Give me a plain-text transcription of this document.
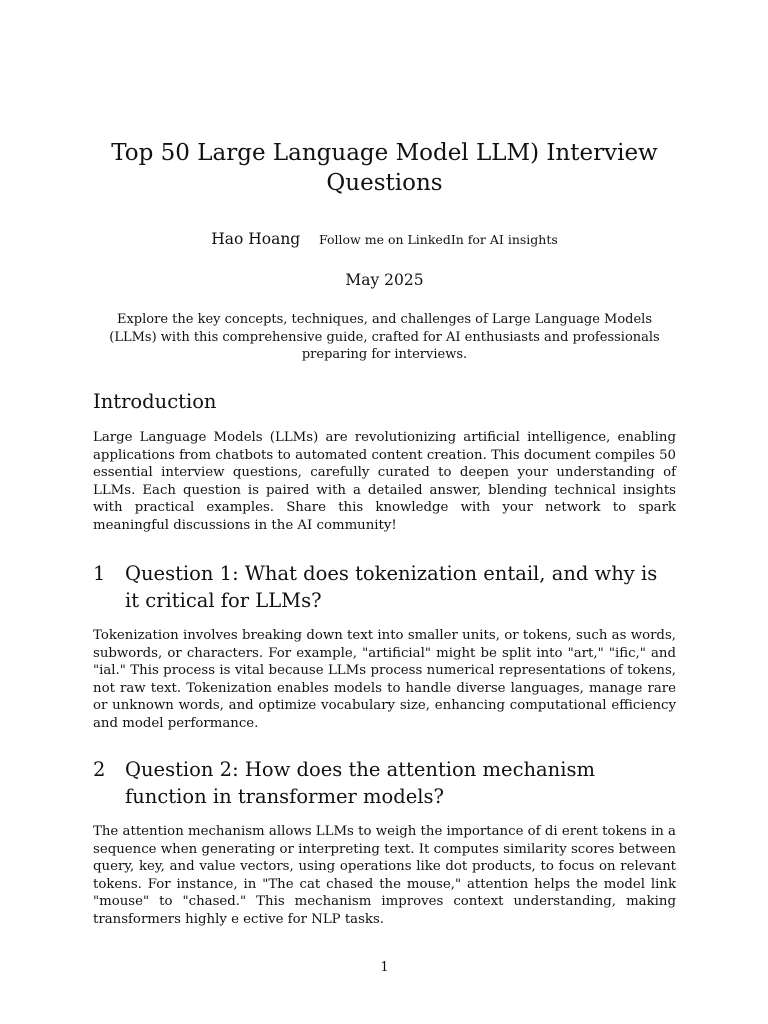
Top 50 Large Language Model LLM) Interview Questions
Hao Hoang Follow me on LinkedIn for AI insights
May 2025

Explore the key concepts, techniques, and challenges of Large Language Models (LLMs) with this comprehensive guide, crafted for AI enthusiasts and professionals preparing for interviews.

Introduction

Large Language Models (LLMs) are revolutionizing artificial intelligence, enabling applications from chatbots to automated content creation. This document compiles 50 essential interview questions, carefully curated to deepen your understanding of LLMs. Each question is paired with a detailed answer, blending technical insights with practical examples. Share this knowledge with your network to spark meaningful discussions in the AI community!

1 Question 1: What does tokenization entail, and why is it critical for LLMs?

Tokenization involves breaking down text into smaller units, or tokens, such as words, subwords, or characters. For example, "artificial" might be split into "art," "ific," and "ial." This process is vital because LLMs process numerical representations of tokens, not raw text. Tokenization enables models to handle diverse languages, manage rare or unknown words, and optimize vocabulary size, enhancing computational efficiency and model performance.

2 Question 2: How does the attention mechanism function in transformer models?

The attention mechanism allows LLMs to weigh the importance of di erent tokens in a sequence when generating or interpreting text. It computes similarity scores between query, key, and value vectors, using operations like dot products, to focus on relevant tokens. For instance, in "The cat chased the mouse," attention helps the model link "mouse" to "chased." This mechanism improves context understanding, making transformers highly e ective for NLP tasks.

1
